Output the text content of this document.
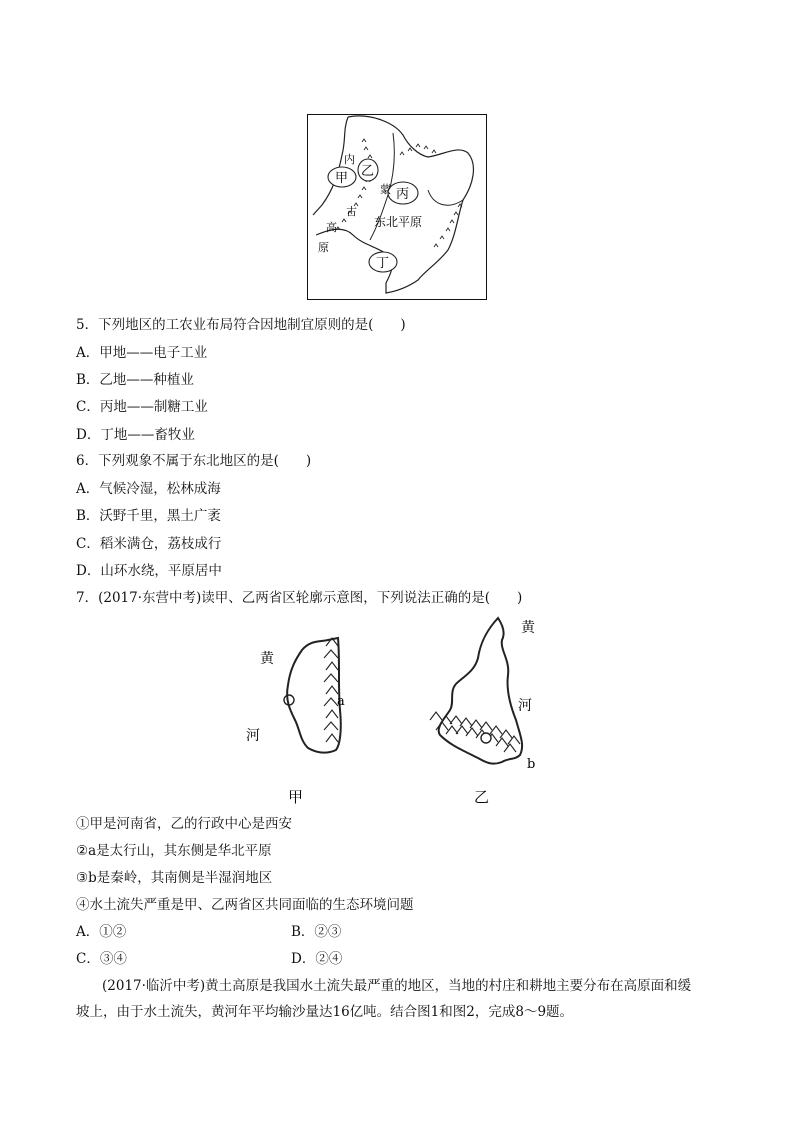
甲 乙
丙
丁
内
蒙
古
高
原
东北平原
5．下列地区的工农业布局符合因地制宜原则的是(　　)
A．甲地——电子工业
B．乙地——种植业
C．丙地——制糖工业
D．丁地——畜牧业
6．下列观象不属于东北地区的是(　　)
A．气候冷湿，松林成海
B．沃野千里，黑土广袤
C．稻米满仓，荔枝成行
D．山环水绕，平原居中
7．(2017·东营中考)读甲、乙两省区轮廓示意图，下列说法正确的是(　　)
黄
河
a
甲
黄
河
b
乙
①甲是河南省，乙的行政中心是西安
②a是太行山，其东侧是华北平原
③b是秦岭，其南侧是半湿润地区
④水土流失严重是甲、乙两省区共同面临的生态环境问题
A．①②	B．②③
C．③④	D．②④
(2017·临沂中考)黄土高原是我国水土流失最严重的地区，当地的村庄和耕地主要分布在高原面和缓
坡上，由于水土流失，黄河年平均输沙量达16亿吨。结合图1和图2，完成8～9题。
